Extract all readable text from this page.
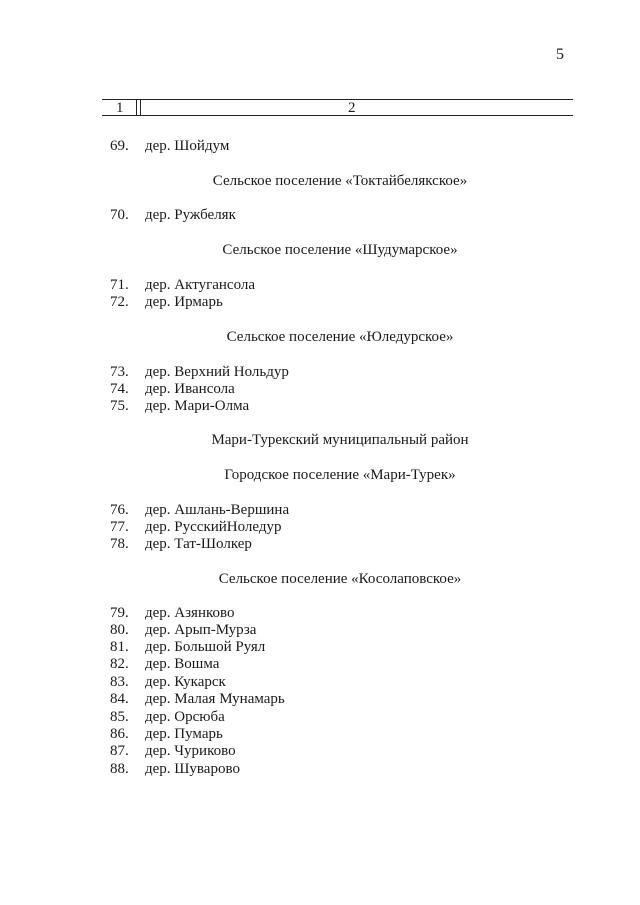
5
1	2
69.	дер. Шойдум
Сельское поселение «Токтайбелякское»
70.	дер. Ружбеляк
Сельское поселение «Шудумарское»
71.	дер. Актугансола
72.	дер. Ирмарь
Сельское поселение «Юледурское»
73.	дер. Верхний Нольдур
74.	дер. Ивансола
75.	дер. Мари-Олма
Мари-Турекский муниципальный район
Городское поселение «Мари-Турек»
76.	дер. Ашлань-Вершина
77.	дер. РусскийНоледур
78.	дер. Тат-Шолкер
Сельское поселение «Косолаповское»
79.	дер. Азянково
80.	дер. Арып-Мурза
81.	дер. Большой Руял
82.	дер. Вошма
83.	дер. Кукарск
84.	дер. Малая Мунамарь
85.	дер. Орсюба
86.	дер. Пумарь
87.	дер. Чуриково
88.	дер. Шуварово
